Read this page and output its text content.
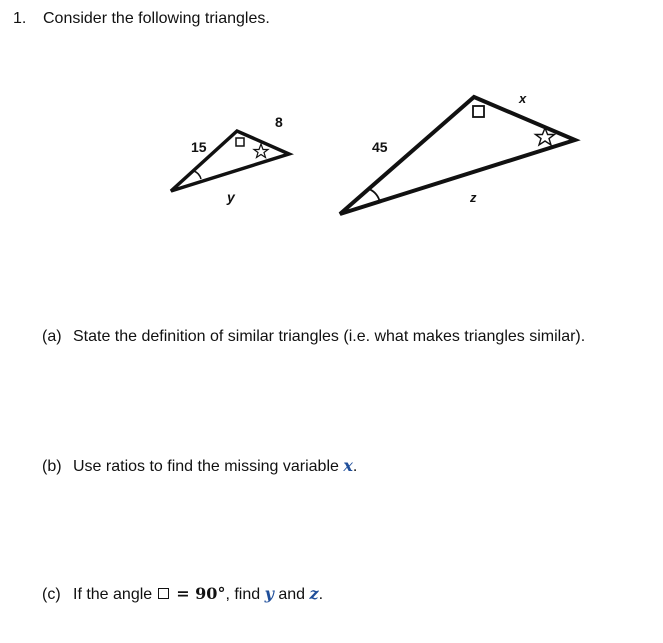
1. Consider the following triangles.
15
8
y
45
x
z
(a) State the definition of similar triangles (i.e. what makes triangles similar).
(b) Use ratios to find the missing variable x.
(c) If the angle  = 90°, find y and z.
